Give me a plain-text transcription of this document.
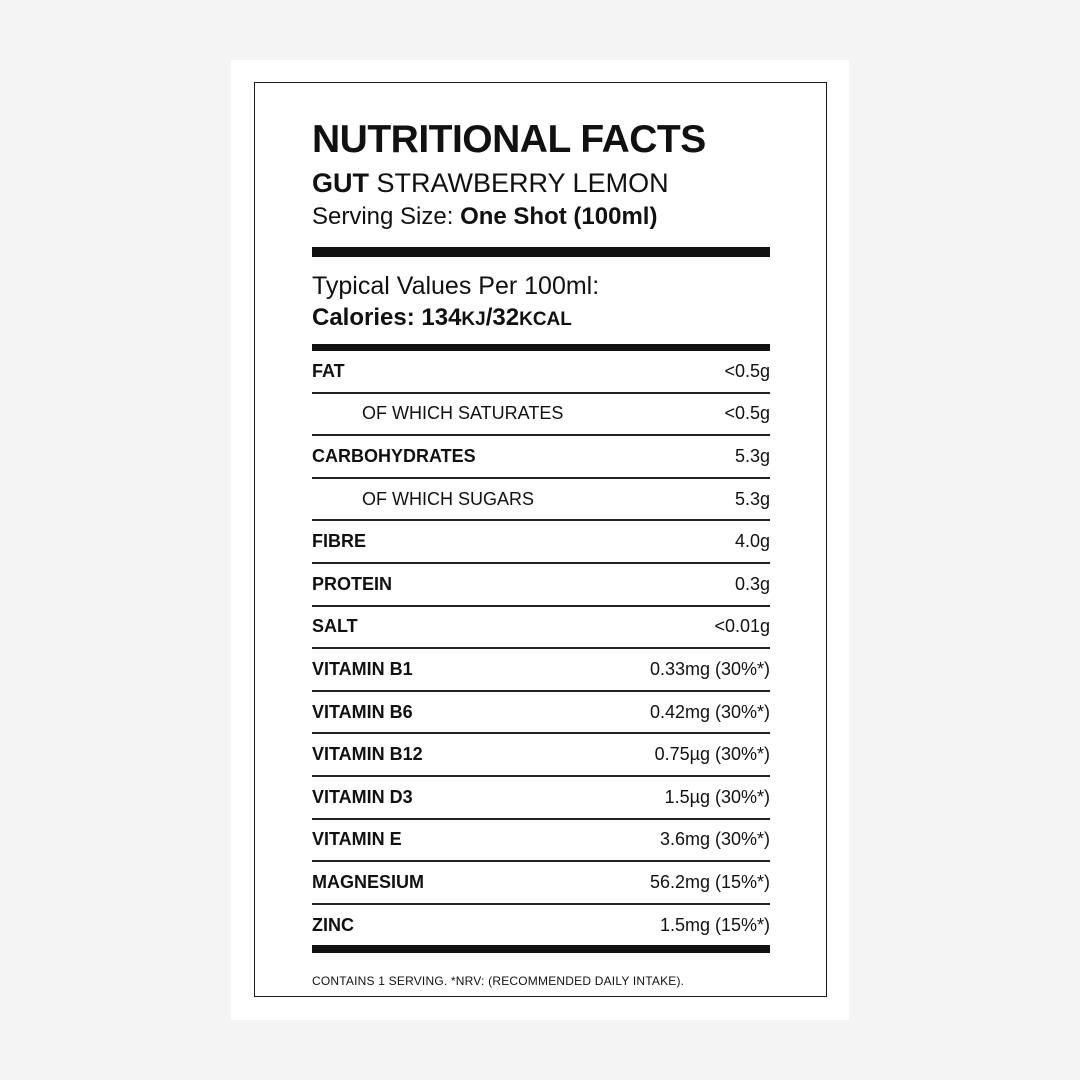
NUTRITIONAL FACTS
GUT STRAWBERRY LEMON
Serving Size: One Shot (100ml)
Typical Values Per 100ml:
Calories: 134KJ/32KCAL
FAT	<0.5g
OF WHICH SATURATES	<0.5g
CARBOHYDRATES	5.3g
OF WHICH SUGARS	5.3g
FIBRE	4.0g
PROTEIN	0.3g
SALT	<0.01g
VITAMIN B1	0.33mg (30%*)
VITAMIN B6	0.42mg (30%*)
VITAMIN B12	0.75µg (30%*)
VITAMIN D3	1.5µg (30%*)
VITAMIN E	3.6mg (30%*)
MAGNESIUM	56.2mg (15%*)
ZINC	1.5mg (15%*)
CONTAINS 1 SERVING. *NRV: (RECOMMENDED DAILY INTAKE).
